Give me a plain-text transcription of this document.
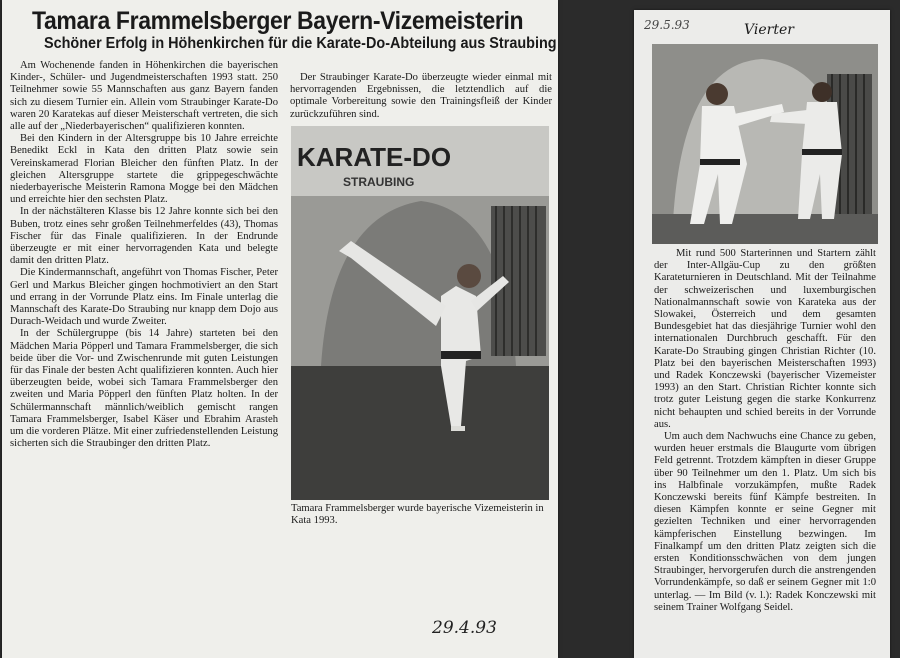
Tamara Frammelsberger Bayern-Vizemeisterin
Schöner Erfolg in Höhenkirchen für die Karate-Do-Abteilung aus Straubing

Am Wochenende fanden in Höhenkirchen die bayerischen Kinder-, Schüler- und Jugendmeisterschaften 1993 statt. 250 Teilnehmer sowie 55 Mannschaften aus ganz Bayern fanden sich zu diesem Turnier ein. Allein vom Straubinger Karate-Do waren 20 Karatekas auf dieser Meisterschaft vertreten, die sich alle auf der „Niederbayerischen“ qualifizieren konnten.

Bei den Kindern in der Altersgruppe bis 10 Jahre erreichte Benedikt Eckl in Kata den dritten Platz sowie sein Vereinskamerad Florian Bleicher den fünften Platz. In der gleichen Altersgruppe startete die grippegeschwächte niederbayerische Meisterin Ramona Mogge bei den Mädchen und erreichte hier den sechsten Platz.

In der nächstälteren Klasse bis 12 Jahre konnte sich bei den Buben, trotz eines sehr großen Teilnehmerfeldes (43), Thomas Fischer für das Finale qualifizieren. In der Endrunde überzeugte er mit einer hervorragenden Kata und belegte damit den dritten Platz.

Die Kindermannschaft, angeführt von Thomas Fischer, Peter Gerl und Markus Bleicher gingen hochmotiviert an den Start und errang in der Vorrunde Platz eins. Im Finale unterlag die Mannschaft des Karate-Do Straubing nur knapp dem Dojo aus Durach-Weidach und wurde Zweiter.

In der Schülergruppe (bis 14 Jahre) starteten bei den Mädchen Maria Pöpperl und Tamara Frammelsberger, die sich beide über die Vor- und Zwischenrunde mit guten Leistungen für das Finale der besten Acht qualifizieren konnten. Auch hier überzeugten beide, wobei sich Tamara Frammelsberger den zweiten und Maria Pöpperl den fünften Platz holten. In der Schülermannschaft männlich/weiblich gemischt rangen Tamara Frammelsberger, Isabel Käser und Ebrahim Arasteh um die vorderen Plätze. Mit einer zufriedenstellenden Leistung sicherten sich die Straubinger den dritten Platz.

Der Straubinger Karate-Do überzeugte wieder einmal mit hervorragenden Ergebnissen, die letztendlich auf die optimale Vorbereitung sowie den Trainingsfleiß der Kinder zurückzuführen sind.

KARATE-DO
STRAUBING
Tamara Frammelsberger wurde bayerische Vizemeisterin in Kata 1993.
29.4.93
29.5.93	Vierter

Mit rund 500 Starterinnen und Startern zählt der Inter-Allgäu-Cup zu den größten Karateturnieren in Deutschland. Mit der Teilnahme der schweizerischen und luxemburgischen Nationalmannschaft sowie von Karateka aus der Slowakei, Österreich und dem gesamten Bundesgebiet hat das diesjährige Turnier wohl den internationalen Durchbruch geschafft. Für den Karate-Do Straubing gingen Christian Richter (10. Platz bei den bayerischen Meisterschaften 1993) und Radek Konczewski (bayerischer Vizemeister 1993) an den Start. Christian Richter konnte sich trotz guter Leistung gegen die starke Konkurrenz nicht behaupten und schied bereits in der Vorrunde aus.

Um auch dem Nachwuchs eine Chance zu geben, wurden heuer erstmals die Blaugurte vom übrigen Feld getrennt. Trotzdem kämpften in dieser Gruppe über 90 Teilnehmer um den 1. Platz. Um sich bis ins Halbfinale vorzukämpfen, mußte Radek Konczewski bereits fünf Kämpfe bestreiten. In diesen Kämpfen konnte er seine Gegner mit gezielten Techniken und einer hervorragenden kämpferischen Einstellung bezwingen. Im Finalkampf um den dritten Platz zeigten sich die ersten Konditionsschwächen von dem jungen Straubinger, hervorgerufen durch die anstrengenden Vorrundenkämpfe, so daß er seinem Gegner mit 1:0 unterlag. — Im Bild (v. l.): Radek Konczewski mit seinem Trainer Wolfgang Seidel.
